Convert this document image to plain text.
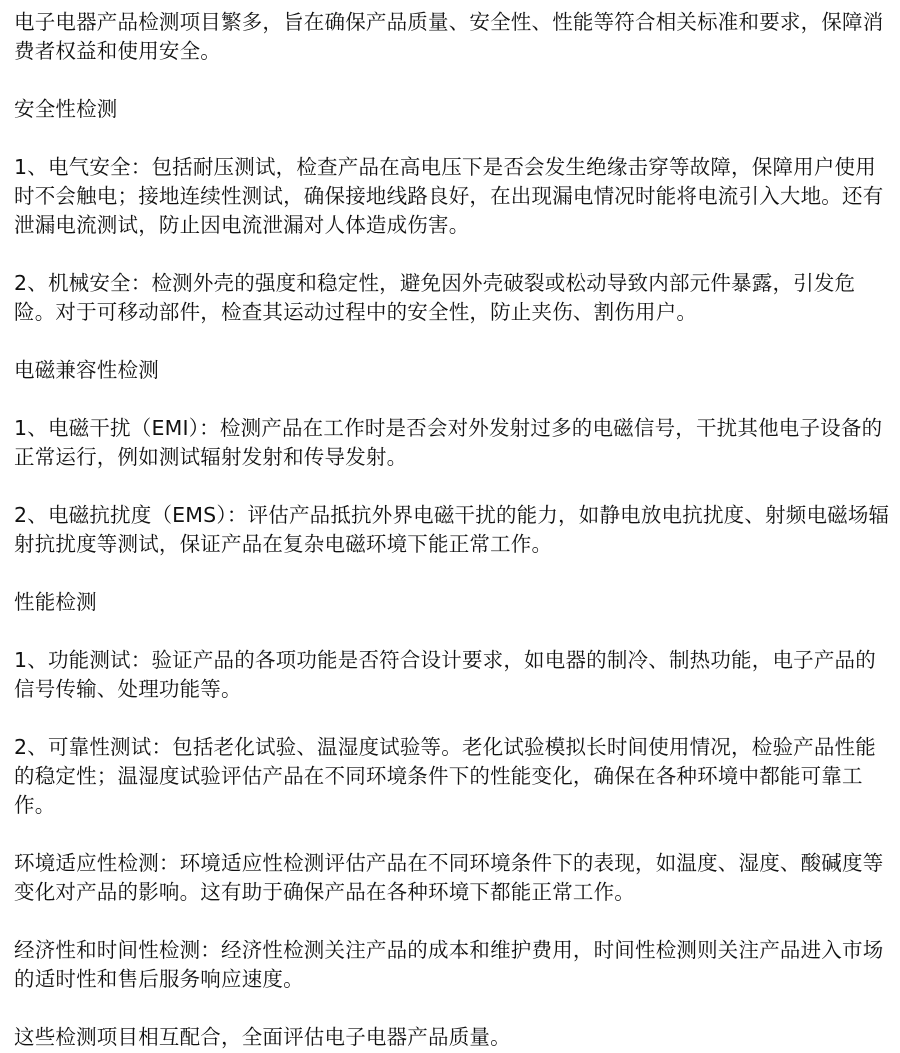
电子电器产品检测项目繁多，旨在确保产品质量、安全性、性能等符合相关标准和要求，保障消费者权益和使用安全。

安全性检测

1、电气安全：包括耐压测试，检查产品在高电压下是否会发生绝缘击穿等故障，保障用户使用时不会触电；接地连续性测试，确保接地线路良好，在出现漏电情况时能将电流引入大地。还有泄漏电流测试，防止因电流泄漏对人体造成伤害。

2、机械安全：检测外壳的强度和稳定性，避免因外壳破裂或松动导致内部元件暴露，引发危险。对于可移动部件，检查其运动过程中的安全性，防止夹伤、割伤用户。

电磁兼容性检测

1、电磁干扰（EMI）：检测产品在工作时是否会对外发射过多的电磁信号，干扰其他电子设备的正常运行，例如测试辐射发射和传导发射。

2、电磁抗扰度（EMS）：评估产品抵抗外界电磁干扰的能力，如静电放电抗扰度、射频电磁场辐射抗扰度等测试，保证产品在复杂电磁环境下能正常工作。

性能检测

1、功能测试：验证产品的各项功能是否符合设计要求，如电器的制冷、制热功能，电子产品的信号传输、处理功能等。

2、可靠性测试：包括老化试验、温湿度试验等。老化试验模拟长时间使用情况，检验产品性能的稳定性；温湿度试验评估产品在不同环境条件下的性能变化，确保在各种环境中都能可靠工作。

环境适应性检测：环境适应性检测评估产品在不同环境条件下的表现，如温度、湿度、酸碱度等变化对产品的影响。这有助于确保产品在各种环境下都能正常工作。

经济性和时间性检测：经济性检测关注产品的成本和维护费用，时间性检测则关注产品进入市场的适时性和售后服务响应速度。

这些检测项目相互配合，全面评估电子电器产品质量。
